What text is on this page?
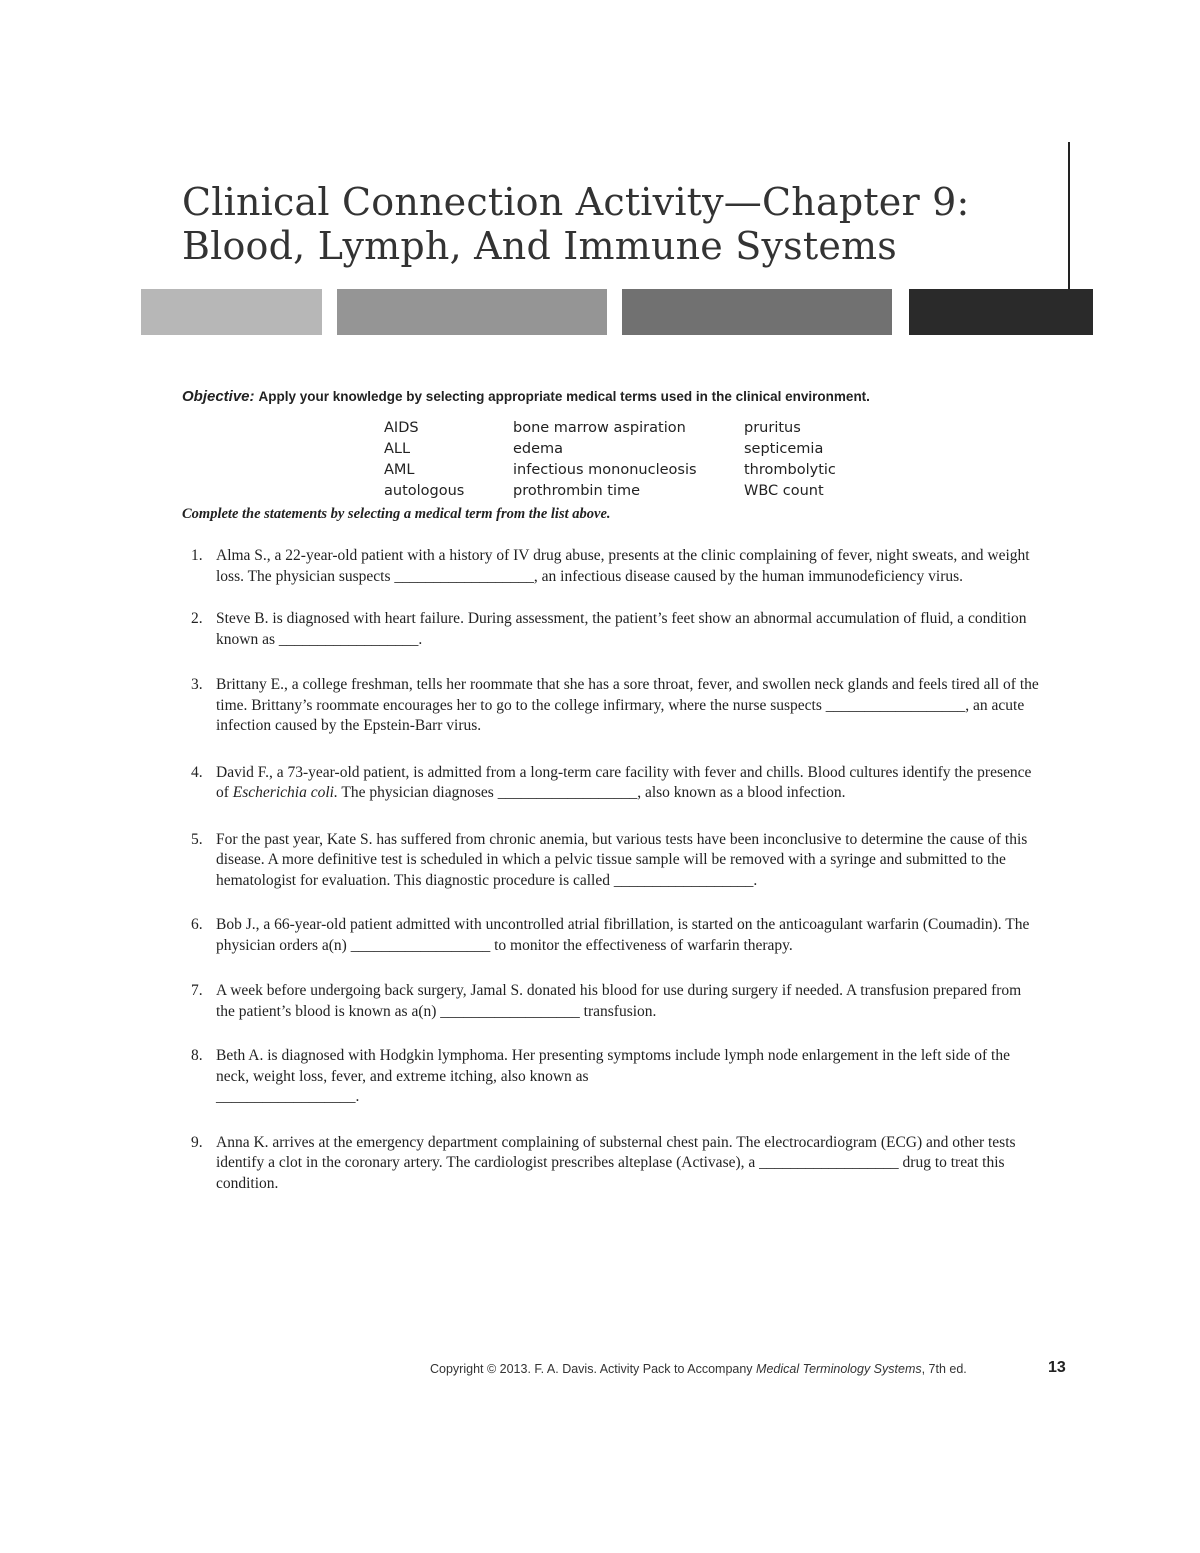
Clinical Connection Activity—Chapter 9:
Blood, Lymph, And Immune Systems
Objective: Apply your knowledge by selecting appropriate medical terms used in the clinical environment.
AIDS
ALL
AML
autologous
bone marrow aspiration
edema
infectious mononucleosis
prothrombin time
pruritus
septicemia
thrombolytic
WBC count
Complete the statements by selecting a medical term from the list above.
1. Alma S., a 22-year-old patient with a history of IV drug abuse, presents at the clinic complaining of fever, night sweats, and weight loss. The physician suspects __________________, an infectious disease caused by the human immunodeficiency virus.
2. Steve B. is diagnosed with heart failure. During assessment, the patient’s feet show an abnormal accumulation of fluid, a condition known as __________________.
3. Brittany E., a college freshman, tells her roommate that she has a sore throat, fever, and swollen neck glands and feels tired all of the time. Brittany’s roommate encourages her to go to the college infirmary, where the nurse suspects __________________, an acute infection caused by the Epstein-Barr virus.
4. David F., a 73-year-old patient, is admitted from a long-term care facility with fever and chills. Blood cultures identify the presence of Escherichia coli. The physician diagnoses __________________, also known as a blood infection.
5. For the past year, Kate S. has suffered from chronic anemia, but various tests have been inconclusive to determine the cause of this disease. A more definitive test is scheduled in which a pelvic tissue sample will be removed with a syringe and submitted to the hematologist for evaluation. This diagnostic procedure is called __________________.
6. Bob J., a 66-year-old patient admitted with uncontrolled atrial fibrillation, is started on the anticoagulant warfarin (Coumadin). The physician orders a(n) __________________ to monitor the effectiveness of warfarin therapy.
7. A week before undergoing back surgery, Jamal S. donated his blood for use during surgery if needed. A transfusion prepared from the patient’s blood is known as a(n) __________________ transfusion.
8. Beth A. is diagnosed with Hodgkin lymphoma. Her presenting symptoms include lymph node enlargement in the left side of the neck, weight loss, fever, and extreme itching, also known as
__________________.
9. Anna K. arrives at the emergency department complaining of substernal chest pain. The electrocardiogram (ECG) and other tests identify a clot in the coronary artery. The cardiologist prescribes alteplase (Activase), a __________________ drug to treat this condition.
Copyright © 2013. F. A. Davis. Activity Pack to Accompany Medical Terminology Systems, 7th ed.	13
